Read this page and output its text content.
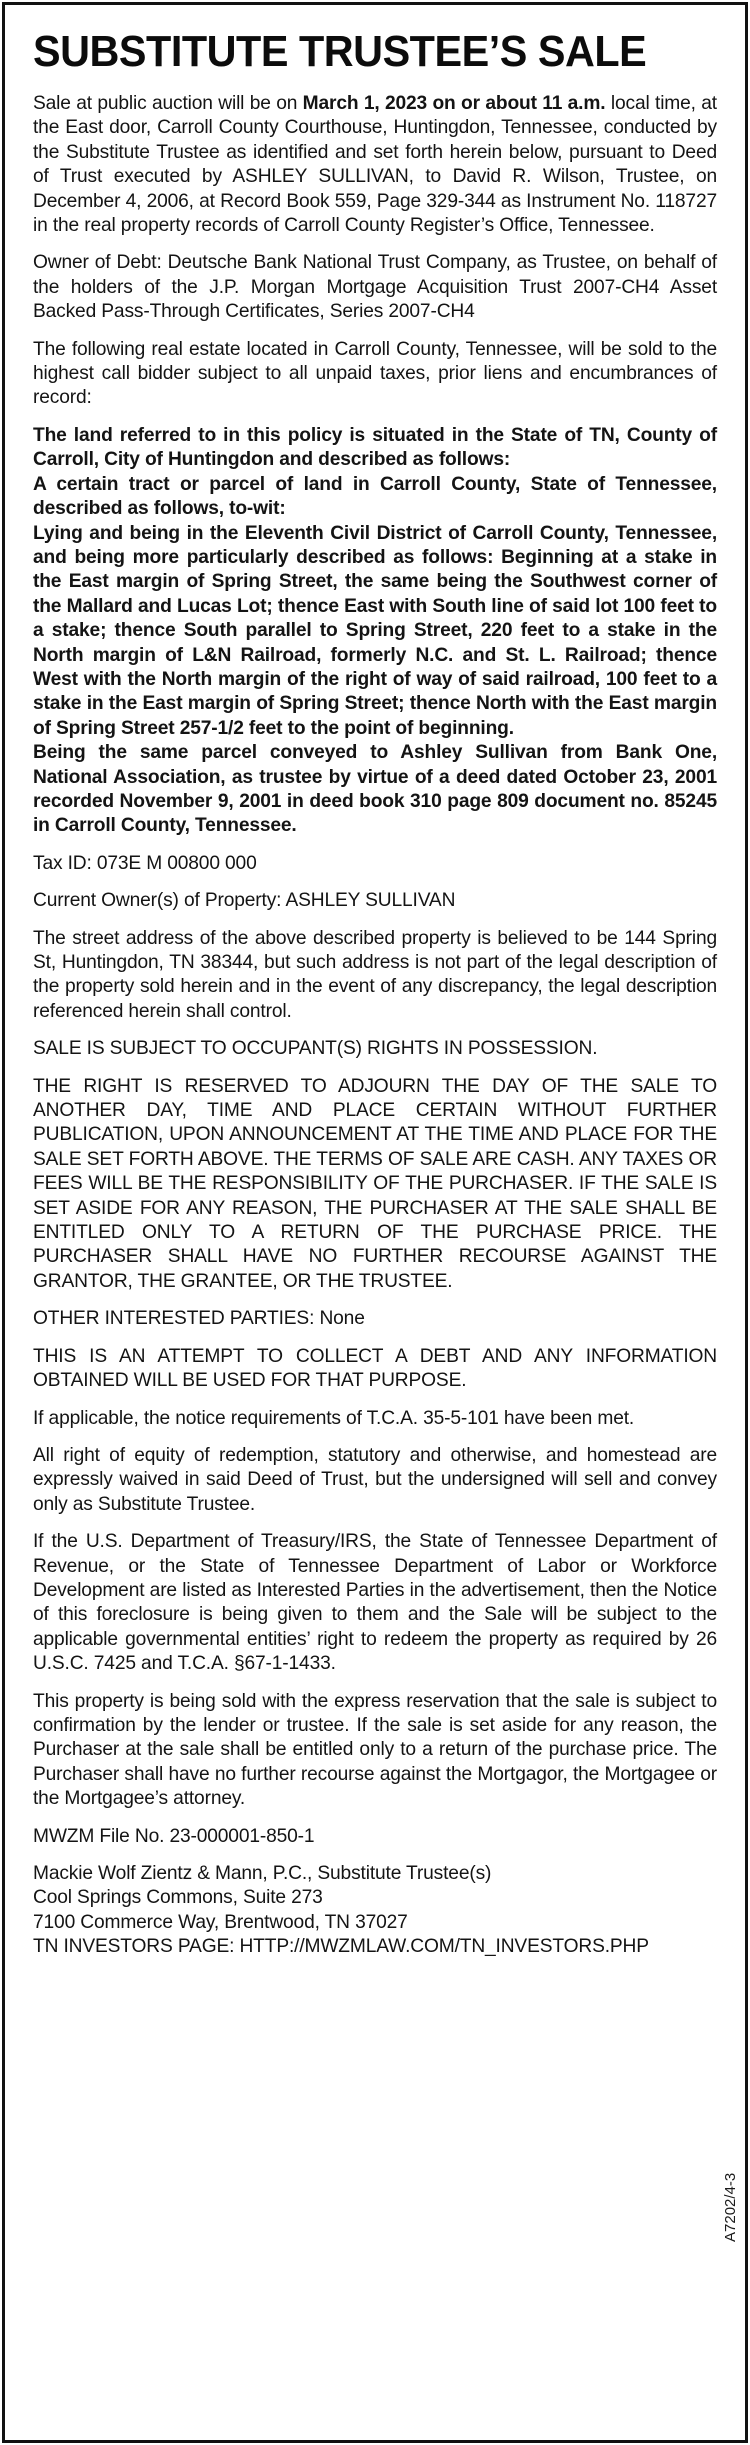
SUBSTITUTE TRUSTEE’S SALE

Sale at public auction will be on March 1, 2023 on or about 11 a.m. local time, at the East door, Carroll County Courthouse, Huntingdon, Tennessee, conducted by the Substitute Trustee as identified and set forth herein below, pursuant to Deed of Trust executed by ASHLEY SULLIVAN, to David R. Wilson, Trustee, on December 4, 2006, at Record Book 559, Page 329-344 as Instrument No. 118727 in the real property records of Carroll County Register’s Office, Tennessee.

Owner of Debt: Deutsche Bank National Trust Company, as Trustee, on behalf of the holders of the J.P. Morgan Mortgage Acquisition Trust 2007-CH4 Asset Backed Pass-Through Certificates, Series 2007-CH4

The following real estate located in Carroll County, Tennessee, will be sold to the highest call bidder subject to all unpaid taxes, prior liens and encumbrances of record:

The land referred to in this policy is situated in the State of TN, County of Carroll, City of Huntingdon and described as follows:

A certain tract or parcel of land in Carroll County, State of Tennessee, described as follows, to-wit:

Lying and being in the Eleventh Civil District of Carroll County, Tennessee, and being more particularly described as follows: Beginning at a stake in the East margin of Spring Street, the same being the Southwest corner of the Mallard and Lucas Lot; thence East with South line of said lot 100 feet to a stake; thence South parallel to Spring Street, 220 feet to a stake in the North margin of L&N Railroad, formerly N.C. and St. L. Railroad; thence West with the North margin of the right of way of said railroad, 100 feet to a stake in the East margin of Spring Street; thence North with the East margin of Spring Street 257-1/2 feet to the point of beginning.

Being the same parcel conveyed to Ashley Sullivan from Bank One, National Association, as trustee by virtue of a deed dated October 23, 2001 recorded November 9, 2001 in deed book 310 page 809 document no. 85245 in Carroll County, Tennessee.

Tax ID: 073E M 00800 000

Current Owner(s) of Property: ASHLEY SULLIVAN

The street address of the above described property is believed to be 144 Spring St, Huntingdon, TN 38344, but such address is not part of the legal description of the property sold herein and in the event of any discrepancy, the legal description referenced herein shall control.

SALE IS SUBJECT TO OCCUPANT(S) RIGHTS IN POSSESSION.

THE RIGHT IS RESERVED TO ADJOURN THE DAY OF THE SALE TO ANOTHER DAY, TIME AND PLACE CERTAIN WITHOUT FURTHER PUBLICATION, UPON ANNOUNCEMENT AT THE TIME AND PLACE FOR THE SALE SET FORTH ABOVE. THE TERMS OF SALE ARE CASH. ANY TAXES OR FEES WILL BE THE RESPONSIBILITY OF THE PURCHASER. IF THE SALE IS SET ASIDE FOR ANY REASON, THE PURCHASER AT THE SALE SHALL BE ENTITLED ONLY TO A RETURN OF THE PURCHASE PRICE. THE PURCHASER SHALL HAVE NO FURTHER RECOURSE AGAINST THE GRANTOR, THE GRANTEE, OR THE TRUSTEE.

OTHER INTERESTED PARTIES: None

THIS IS AN ATTEMPT TO COLLECT A DEBT AND ANY INFORMATION OBTAINED WILL BE USED FOR THAT PURPOSE.

If applicable, the notice requirements of T.C.A. 35-5-101 have been met.

All right of equity of redemption, statutory and otherwise, and homestead are expressly waived in said Deed of Trust, but the undersigned will sell and convey only as Substitute Trustee.

If the U.S. Department of Treasury/IRS, the State of Tennessee Department of Revenue, or the State of Tennessee Department of Labor or Workforce Development are listed as Interested Parties in the advertisement, then the Notice of this foreclosure is being given to them and the Sale will be subject to the applicable governmental entities’ right to redeem the property as required by 26 U.S.C. 7425 and T.C.A. §67-1-1433.

This property is being sold with the express reservation that the sale is subject to confirmation by the lender or trustee. If the sale is set aside for any reason, the Purchaser at the sale shall be entitled only to a return of the purchase price. The Purchaser shall have no further recourse against the Mortgagor, the Mortgagee or the Mortgagee’s attorney.

MWZM File No. 23-000001-850-1

Mackie Wolf Zientz & Mann, P.C., Substitute Trustee(s)

Cool Springs Commons, Suite 273

7100 Commerce Way, Brentwood, TN 37027

TN INVESTORS PAGE: HTTP://MWZMLAW.COM/TN_INVESTORS.PHP

A7202/4-3
